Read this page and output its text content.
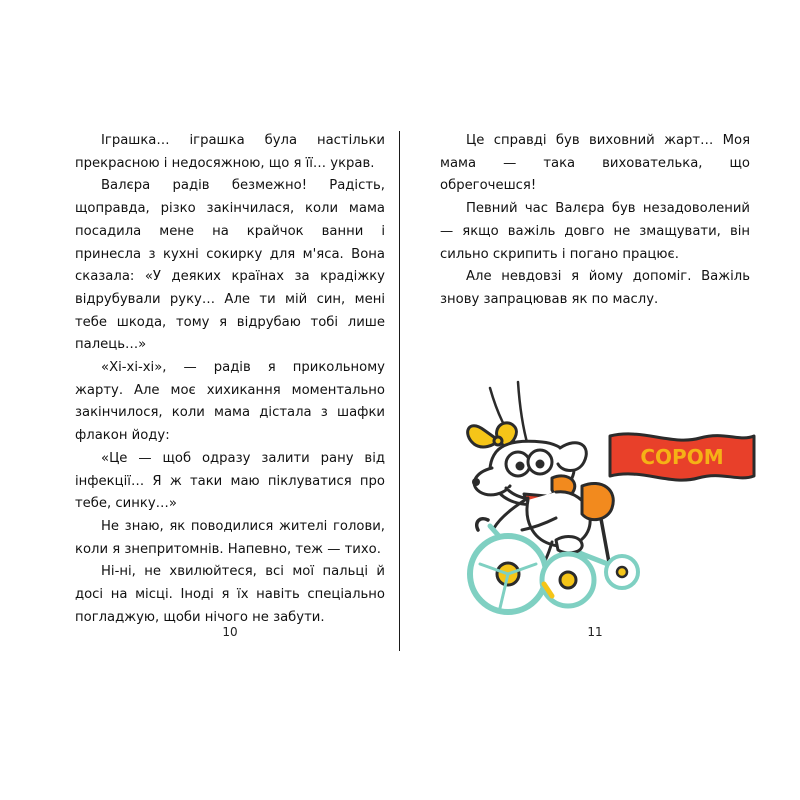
Іграшка… іграшка була настільки прекрасною і недосяжною, що я її… украв.

Валєра радів безмежно! Радість, щоправда, різко закінчилася, коли мама посадила мене на крайчок ванни і принесла з кухні сокирку для м'яса. Вона сказала: «У деяких країнах за крадіжку відрубували руку… Але ти мій син, мені тебе шкода, тому я відрубаю тобі лише палець…»

«Хі-хі-хі», — радів я прикольному жарту. Але моє хихикання моментально закінчилося, коли мама дістала з шафки флакон йоду:

«Це — щоб одразу залити рану від інфекції… Я ж таки маю піклуватися про тебе, синку…»

Не знаю, як поводилися жителі голови, коли я знепритомнів. Напевно, теж — тихо.

Ні-ні, не хвилюйтеся, всі мої пальці й досі на місці. Іноді я їх навіть спеціально погладжую, щоби нічого не забути.

10

Це справді був виховний жарт… Моя мама — така вихователька, що обрегочешся!

Певний час Валєра був незадоволений — якщо важіль довго не змащувати, він сильно скрипить і погано працює.

Але невдовзі я йому допоміг. Важіль знову запрацював як по маслу.

11
СОРОМ
